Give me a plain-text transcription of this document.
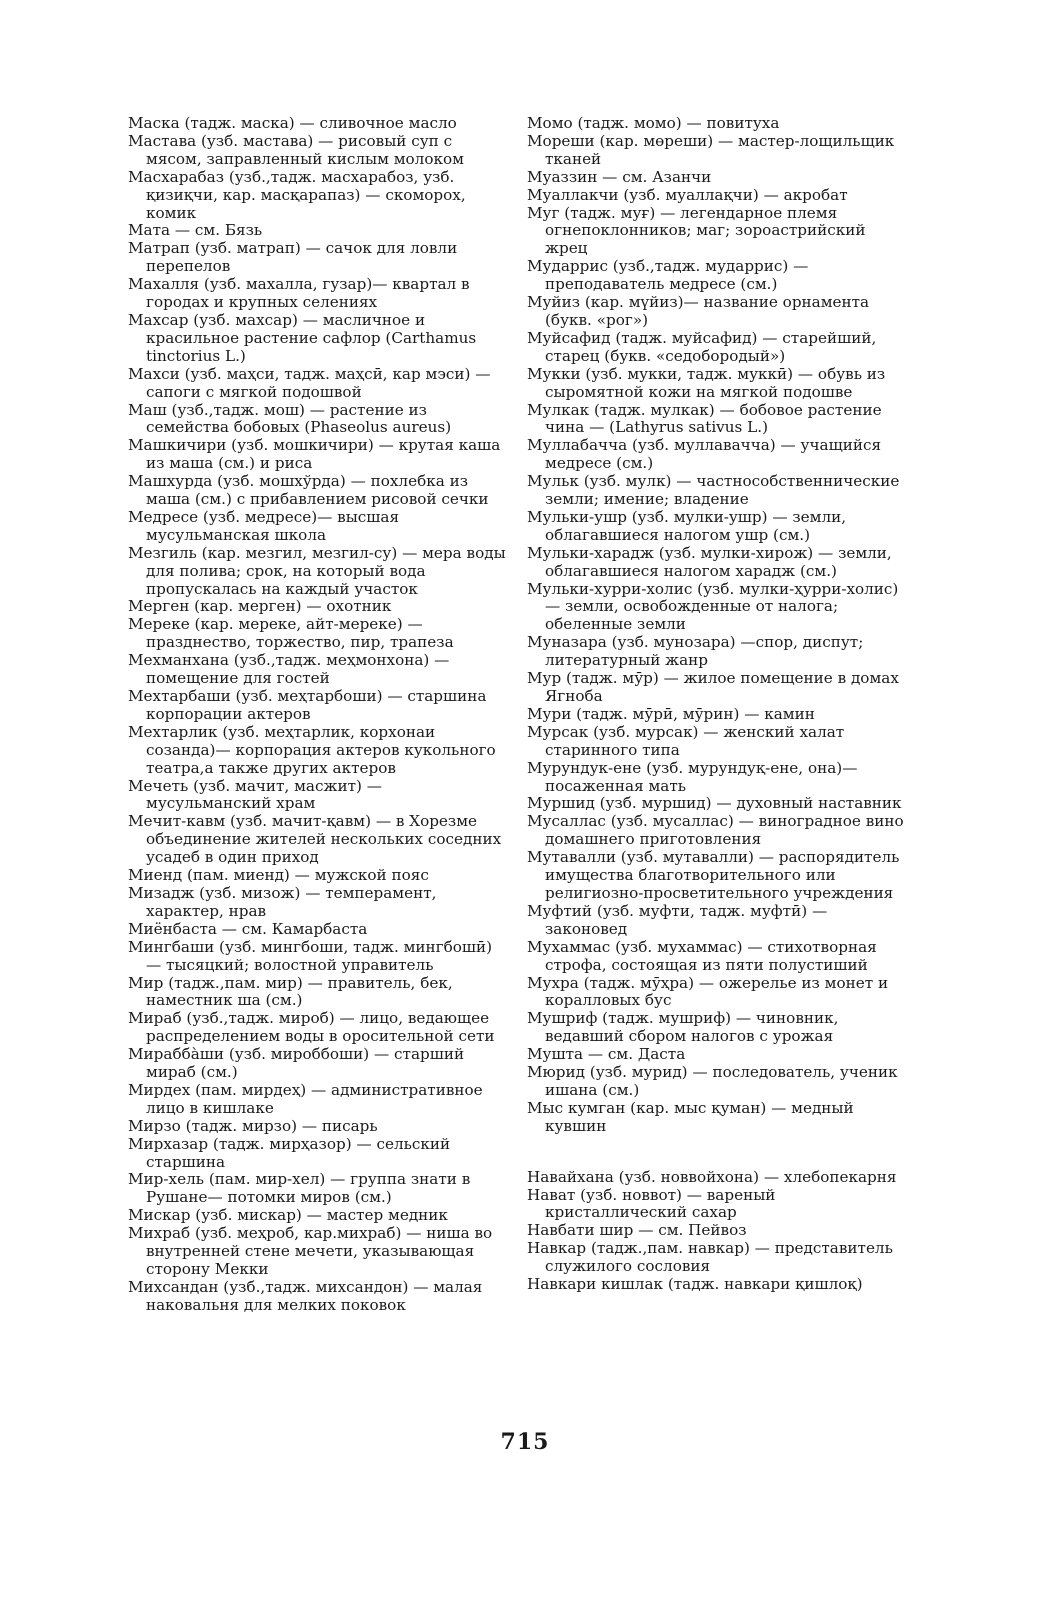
Маска (тадж. маска) — сливочное масло

Мастава (узб. мастава) — рисовый суп с мясом, заправленный кислым молоком

Масхарабаз (узб.,тадж. масхарабоз, узб. қизиқчи, кар. масқарапаз) — скоморох, комик

Мата — см. Бязь

Матрап (узб. матрап) — сачок для ловли перепелов

Махалля (узб. махалла, гузар)— квартал в городах и крупных селениях

Махсар (узб. махсар) — масличное и красильное растение сафлор (Carthamus tinctorius L.)

Махси (узб. маҳси, тадж. маҳсӣ, кар мэси) — сапоги с мягкой подошвой

Маш (узб.,тадж. мош) — растение из семейства бобовых (Phaseolus aureus)

Машкичири (узб. мошкичири) — крутая каша из маша (см.) и риса

Машхурда (узб. мошхўрда) — похлебка из маша (см.) с прибавлением рисовой сечки

Медресе (узб. медресе)— высшая мусульманская школа

Мезгиль (кар. мезгил, мезгил-су) — мера воды для полива; срок, на который вода пропускалась на каждый участок

Мерген (кар. мерген) — охотник

Мереке (кар. мереке, айт-мереке) — празднество, торжество, пир, трапеза

Мехманхана (узб.,тадж. меҳмонхона) — помещение для гостей

Мехтарбаши (узб. меҳтарбоши) — старшина корпорации актеров

Мехтарлик (узб. меҳтарлик, корхонаи созанда)— корпорация актеров кукольного театра,а также других актеров

Мечеть (узб. мачит, масжит) — мусульманский храм

Мечит-кавм (узб. мачит-қавм) — в Хорезме объединение жителей нескольких соседних усадеб в один приход

Миенд (пам. миенд) — мужской пояс

Мизадж (узб. мизож) — темперамент, характер, нрав

Миёнбаста — см. Камарбаста

Мингбаши (узб. мингбоши, тадж. мингбошӣ) — тысяцкий; волостной управитель

Мир (тадж.,пам. мир) — правитель, бек, наместник ша (см.)

Мираб (узб.,тадж. мироб) — лицо, ведающее распределением воды в оросительной сети

Мирабба̀ши (узб. мироббоши) — старший мираб (см.)

Мирдех (пам. мирдеҳ) — административное лицо в кишлаке

Мирзо (тадж. мирзо) — писарь

Мирхазар (тадж. мирҳазор) — сельский старшина

Мир-хель (пам. мир-хел) — группа знати в Рушане— потомки миров (см.)

Мискар (узб. мискар) — мастер медник

Михраб (узб. меҳроб, кар.михраб) — ниша во внутренней стене мечети, указывающая сторону Мекки

Михсандан (узб.,тадж. михсандон) — малая наковальня для мелких поковок

Момо (тадж. момо) — повитуха

Мореши (кар. мөреши) — мастер-лощильщик тканей

Муаззин — см. Азанчи

Муаллакчи (узб. муаллақчи) — акробат

Муг (тадж. муғ) — легендарное племя огнепоклонников; маг; зороастрийский жрец

Мударрис (узб.,тадж. мударрис) — преподаватель медресе (см.)

Муйиз (кар. мүйиз)— название орнамента (букв. «рог»)

Муйсафид (тадж. муйсафид) — старейший, старец (букв. «седобородый»)

Мукки (узб. мукки, тадж. муккӣ) — обувь из сыромятной кожи на мягкой подошве

Мулкак (тадж. мулкак) — бобовое растение чина — (Lathyrus sativus L.)

Муллабачча (узб. муллавачча) — учащийся медресе (см.)

Мульк (узб. мулк) — частнособственнические земли; имение; владение

Мульки-ушр (узб. мулки-ушр) — земли, облагавшиеся налогом ушр (см.)

Мульки-харадж (узб. мулки-хирож) — земли, облагавшиеся налогом харадж (см.)

Мульки-хурри-холис (узб. мулки-ҳурри-холис) — земли, освобожденные от налога; обеленные земли

Муназара (узб. мунозара) —спор, диспут; литературный жанр

Мур (тадж. мӯр) — жилое помещение в домах Ягноба

Мури (тадж. мӯрӣ, мӯрин) — камин

Мурсак (узб. мурсак) — женский халат старинного типа

Мурундук-ене (узб. мурундуқ-ене, она)— посаженная мать

Муршид (узб. муршид) — духовный наставник

Мусаллас (узб. мусаллас) — виноградное вино домашнего приготовления

Мутавалли (узб. мутавалли) — распорядитель имущества благотворительного или религиозно-просветительного учреждения

Муфтий (узб. муфти, тадж. муфтӣ) — законовед

Мухаммас (узб. мухаммас) — стихотворная строфа, состоящая из пяти полустиший

Мухра (тадж. мӯҳра) — ожерелье из монет и коралловых бус

Мушриф (тадж. мушриф) — чиновник, ведавший сбором налогов с урожая

Мушта — см. Даста

Мюрид (узб. мурид) — последователь, ученик ишана (см.)

Мыс кумган (кар. мыс қуман) — медный кувшин

Навайхана (узб. новвойхона) — хлебопекарня

Нават (узб. новвот) — вареный кристаллический сахар

Навбати шир — см. Пейвоз

Навкар (тадж.,пам. навкар) — представитель служилого сословия

Навкари кишлак (тадж. навкари қишлоқ)

715
